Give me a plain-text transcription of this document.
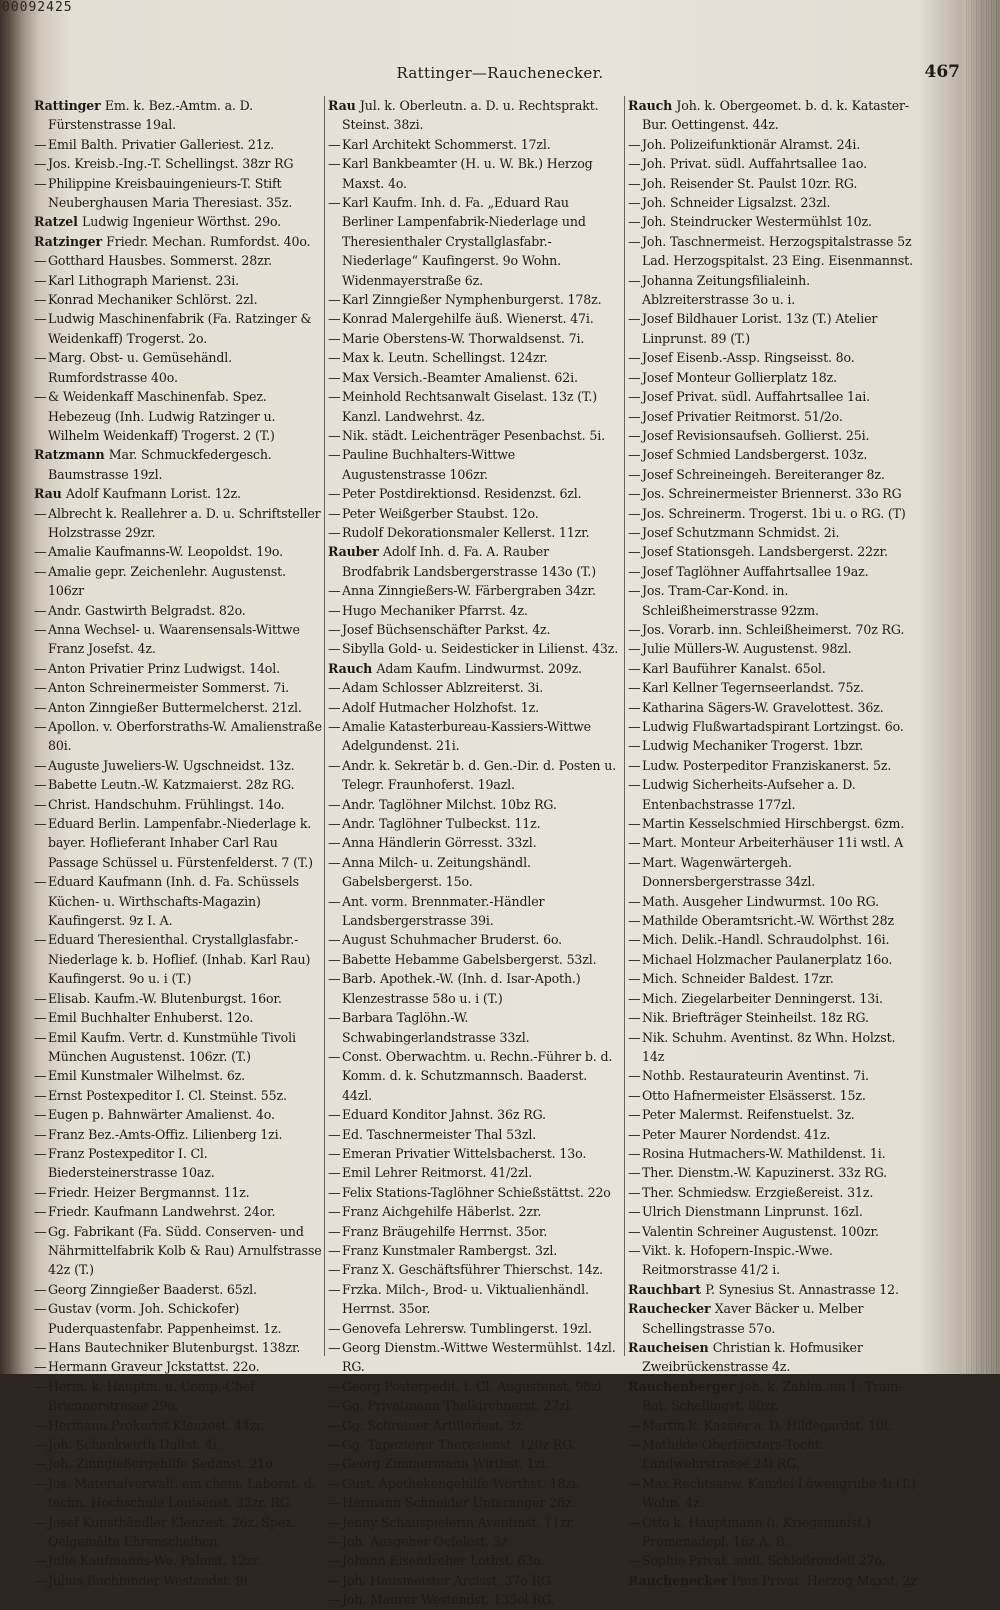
00092425
Rattinger—Rauchenecker.	467

Rattinger Em. k. Bez.-Amtm. a. D. Fürstenstrasse 19al.

— Emil Balth. Privatier Galleriest. 21z.

— Jos. Kreisb.-Ing.-T. Schellingst. 38zr RG

— Philippine Kreisbauingenieurs-T. Stift Neuberghausen Maria Theresiast. 35z.

Ratzel Ludwig Ingenieur Wörthst. 29o.

Ratzinger Friedr. Mechan. Rumfordst. 40o.

— Gotthard Hausbes. Sommerst. 28zr.

— Karl Lithograph Marienst. 23i.

— Konrad Mechaniker Schlörst. 2zl.

— Ludwig Maschinenfabrik (Fa. Ratzinger & Weidenkaff) Trogerst. 2o.

— Marg. Obst- u. Gemüsehändl. Rumfordstrasse 40o.

— & Weidenkaff Maschinenfab. Spez. Hebezeug (Inh. Ludwig Ratzinger u. Wilhelm Weidenkaff) Trogerst. 2 (T.)

Ratzmann Mar. Schmuckfedergesch. Baumstrasse 19zl.

Rau Adolf Kaufmann Lorist. 12z.

— Albrecht k. Reallehrer a. D. u. Schriftsteller Holzstrasse 29zr.

— Amalie Kaufmanns-W. Leopoldst. 19o.

— Amalie gepr. Zeichenlehr. Augustenst. 106zr

— Andr. Gastwirth Belgradst. 82o.

— Anna Wechsel- u. Waarensensals-Wittwe Franz Josefst. 4z.

— Anton Privatier Prinz Ludwigst. 14ol.

— Anton Schreinermeister Sommerst. 7i.

— Anton Zinngießer Buttermelcherst. 21zl.

— Apollon. v. Oberforstraths-W. Amalienstraße 80i.

— Auguste Juweliers-W. Ugschneidst. 13z.

— Babette Leutn.-W. Katzmaierst. 28z RG.

— Christ. Handschuhm. Frühlingst. 14o.

— Eduard Berlin. Lampenfabr.-Niederlage k. bayer. Hoflieferant Inhaber Carl Rau Passage Schüssel u. Fürstenfelderst. 7 (T.)

— Eduard Kaufmann (Inh. d. Fa. Schüssels Küchen- u. Wirthschafts-Magazin) Kaufingerst. 9z I. A.

— Eduard Theresienthal. Crystallglasfabr.-Niederlage k. b. Hoflief. (Inhab. Karl Rau) Kaufingerst. 9o u. i (T.)

— Elisab. Kaufm.-W. Blutenburgst. 16or.

— Emil Buchhalter Enhuberst. 12o.

— Emil Kaufm. Vertr. d. Kunstmühle Tivoli München Augustenst. 106zr. (T.)

— Emil Kunstmaler Wilhelmst. 6z.

— Ernst Postexpeditor I. Cl. Steinst. 55z.

— Eugen p. Bahnwärter Amalienst. 4o.

— Franz Bez.-Amts-Offiz. Lilienberg 1zi.

— Franz Postexpeditor I. Cl. Biedersteinerstrasse 10az.

— Friedr. Heizer Bergmannst. 11z.

— Friedr. Kaufmann Landwehrst. 24or.

— Gg. Fabrikant (Fa. Südd. Conserven- und Nährmittelfabrik Kolb & Rau) Arnulfstrasse 42z (T.)

— Georg Zinngießer Baaderst. 65zl.

— Gustav (vorm. Joh. Schickofer) Puderquastenfabr. Pappenheimst. 1z.

— Hans Bautechniker Blutenburgst. 138zr.

— Hermann Graveur Jckstattst. 22o.

— Herm. k. Hauptm. u. Comp.-Chef Briennerstrasse 29o.

— Hermann Prokurist Klenzest. 44zr.

— Joh. Schankwirth Dultst. 4i.

— Joh. Zinngießergehilfe Sedanst. 21o

— Jos. Materialverwalt. am chem. Laborat. d. techn. Hochschule Louisenst. 32zr. RG.

— Josef Kunsthändler Klenzest. 26z. Spez. Oelgemälte Ehrenscheiben.

— Julie Kaufmanns-We. Palmst. 12zr.

— Julius Buchbinder Westendst. 9i.

Rau Jul. k. Oberleutn. a. D. u. Rechtsprakt. Steinst. 38zi.

— Karl Architekt Schommerst. 17zl.

— Karl Bankbeamter (H. u. W. Bk.) Herzog Maxst. 4o.

— Karl Kaufm. Inh. d. Fa. „Eduard Rau Berliner Lampenfabrik-Niederlage und Theresienthaler Crystallglasfabr.-Niederlage“ Kaufingerst. 9o Wohn. Widenmayerstraße 6z.

— Karl Zinngießer Nymphenburgerst. 178z.

— Konrad Malergehilfe äuß. Wienerst. 47i.

— Marie Oberstens-W. Thorwaldsenst. 7i.

— Max k. Leutn. Schellingst. 124zr.

— Max Versich.-Beamter Amalienst. 62i.

— Meinhold Rechtsanwalt Giselast. 13z (T.) Kanzl. Landwehrst. 4z.

— Nik. städt. Leichenträger Pesenbachst. 5i.

— Pauline Buchhalters-Wittwe Augustenstrasse 106zr.

— Peter Postdirektionsd. Residenzst. 6zl.

— Peter Weißgerber Staubst. 12o.

— Rudolf Dekorationsmaler Kellerst. 11zr.

Rauber Adolf Inh. d. Fa. A. Rauber Brodfabrik Landsbergerstrasse 143o (T.)

— Anna Zinngießers-W. Färbergraben 34zr.

— Hugo Mechaniker Pfarrst. 4z.

— Josef Büchsenschäfter Parkst. 4z.

— Sibylla Gold- u. Seidesticker in Lilienst. 43z.

Rauch Adam Kaufm. Lindwurmst. 209z.

— Adam Schlosser Ablzreiterst. 3i.

— Adolf Hutmacher Holzhofst. 1z.

— Amalie Katasterbureau-Kassiers-Wittwe Adelgundenst. 21i.

— Andr. k. Sekretär b. d. Gen.-Dir. d. Posten u. Telegr. Fraunhoferst. 19azl.

— Andr. Taglöhner Milchst. 10bz RG.

— Andr. Taglöhner Tulbeckst. 11z.

— Anna Händlerin Görresst. 33zl.

— Anna Milch- u. Zeitungshändl. Gabelsbergerst. 15o.

— Ant. vorm. Brennmater.-Händler Landsbergerstrasse 39i.

— August Schuhmacher Bruderst. 6o.

— Babette Hebamme Gabelsbergerst. 53zl.

— Barb. Apothek.-W. (Inh. d. Isar-Apoth.) Klenzestrasse 58o u. i (T.)

— Barbara Taglöhn.-W. Schwabingerlandstrasse 33zl.

— Const. Oberwachtm. u. Rechn.-Führer b. d. Komm. d. k. Schutzmannsch. Baaderst. 44zl.

— Eduard Konditor Jahnst. 36z RG.

— Ed. Taschnermeister Thal 53zl.

— Emeran Privatier Wittelsbacherst. 13o.

— Emil Lehrer Reitmorst. 41/2zl.

— Felix Stations-Taglöhner Schießstättst. 22o

— Franz Aichgehilfe Häberlst. 2zr.

— Franz Bräugehilfe Herrnst. 35or.

— Franz Kunstmaler Rambergst. 3zl.

— Franz X. Geschäftsführer Thierschst. 14z.

— Frzka. Milch-, Brod- u. Viktualienhändl. Herrnst. 35or.

— Genovefa Lehrersw. Tumblingerst. 19zl.

— Georg Dienstm.-Wittwe Westermühlst. 14zl. RG.

— Georg Posterpedit. I. Cl. Augustenst. 98zl

— Gg. Privatmann Thalkirchnerst. 27zl.

— Gg. Schreiner Artilleriest. 3z.

— Gg. Tapezierer Theresienst. 120z RG.

— Georg Zimmermann Wirthst. 1zi.

— Gust. Apothekengehilfe Wörthst. 18zi.

— Hermann Schneider Unteranger 26z.

— Jenny Schauspielerin Aventinst. 11zr.

— Joh. Ausgeher Oefelest. 3z.

— Johann Eisendreher Lothst. 63o.

— Joh. Hausmeister Arcisst. 37o RG.

— Joh. Maurer Westendst. 135ol RG.

Rauch Joh. k. Obergeomet. b. d. k. Kataster-Bur. Oettingenst. 44z.

— Joh. Polizeifunktionär Alramst. 24i.

— Joh. Privat. südl. Auffahrtsallee 1ao.

— Joh. Reisender St. Paulst 10zr. RG.

— Joh. Schneider Ligsalzst. 23zl.

— Joh. Steindrucker Westermühlst 10z.

— Joh. Taschnermeist. Herzogspitalstrasse 5z Lad. Herzogspitalst. 23 Eing. Eisenmannst.

— Johanna Zeitungsfilialeinh. Ablzreiterstrasse 3o u. i.

— Josef Bildhauer Lorist. 13z (T.) Atelier Linprunst. 89 (T.)

— Josef Eisenb.-Assp. Ringseisst. 8o.

— Josef Monteur Gollierplatz 18z.

— Josef Privat. südl. Auffahrtsallee 1ai.

— Josef Privatier Reitmorst. 51/2o.

— Josef Revisionsaufseh. Gollierst. 25i.

— Josef Schmied Landsbergerst. 103z.

— Josef Schreineingeh. Bereiteranger 8z.

— Jos. Schreinermeister Briennerst. 33o RG

— Jos. Schreinerm. Trogerst. 1bi u. o RG. (T)

— Josef Schutzmann Schmidst. 2i.

— Josef Stationsgeh. Landsbergerst. 22zr.

— Josef Taglöhner Auffahrtsallee 19az.

— Jos. Tram-Car-Kond. in. Schleißheimerstrasse 92zm.

— Jos. Vorarb. inn. Schleißheimerst. 70z RG.

— Julie Müllers-W. Augustenst. 98zl.

— Karl Bauführer Kanalst. 65ol.

— Karl Kellner Tegernseerlandst. 75z.

— Katharina Sägers-W. Gravelottest. 36z.

— Ludwig Flußwartadspirant Lortzingst. 6o.

— Ludwig Mechaniker Trogerst. 1bzr.

— Ludw. Posterpeditor Franziskanerst. 5z.

— Ludwig Sicherheits-Aufseher a. D. Entenbachstrasse 177zl.

— Martin Kesselschmied Hirschbergst. 6zm.

— Mart. Monteur Arbeiterhäuser 11i wstl. A

— Mart. Wagenwärtergeh. Donnersbergerstrasse 34zl.

— Math. Ausgeher Lindwurmst. 10o RG.

— Mathilde Oberamtsricht.-W. Wörthst 28z

— Mich. Delik.-Handl. Schraudolphst. 16i.

— Michael Holzmacher Paulanerplatz 16o.

— Mich. Schneider Baldest. 17zr.

— Mich. Ziegelarbeiter Denningerst. 13i.

— Nik. Briefträger Steinheilst. 18z RG.

— Nik. Schuhm. Aventinst. 8z Whn. Holzst. 14z

— Nothb. Restaurateurin Aventinst. 7i.

— Otto Hafnermeister Elsässerst. 15z.

— Peter Malermst. Reifenstuelst. 3z.

— Peter Maurer Nordendst. 41z.

— Rosina Hutmachers-W. Mathildenst. 1i.

— Ther. Dienstm.-W. Kapuzinerst. 33z RG.

— Ther. Schmiedsw. Erzgießereist. 31z.

— Ulrich Dienstmann Linprunst. 16zl.

— Valentin Schreiner Augustenst. 100zr.

— Vikt. k. Hofopern-Inspic.-Wwe. Reitmorstrasse 41/2 i.

Rauchbart P. Synesius St. Annastrasse 12.

Rauchecker Xaver Bäcker u. Melber Schellingstrasse 57o.

Raucheisen Christian k. Hofmusiker Zweibrückenstrasse 4z.

Rauchenberger Joh. k. Zahlm. im 1. Train-Bat. Schellingst. 80zr.

— Martin k. Kassier a. D. Hildegardst. 10i.

— Mathilde Oberförsters-Tocht. Landwehrstrasse 24i RG.

— Max Rechtsanw. Kanzlei Löwengrube 4i (T.) Wohn. 4z.

— Otto k. Hauptmann (i. Kriegsminist.) Promenadepl. 16z A. B.

— Sophie Privat. südl. Schloßrondell 27o.

Rauchenecker Pius Privat. Herzog Maxst. 2z
